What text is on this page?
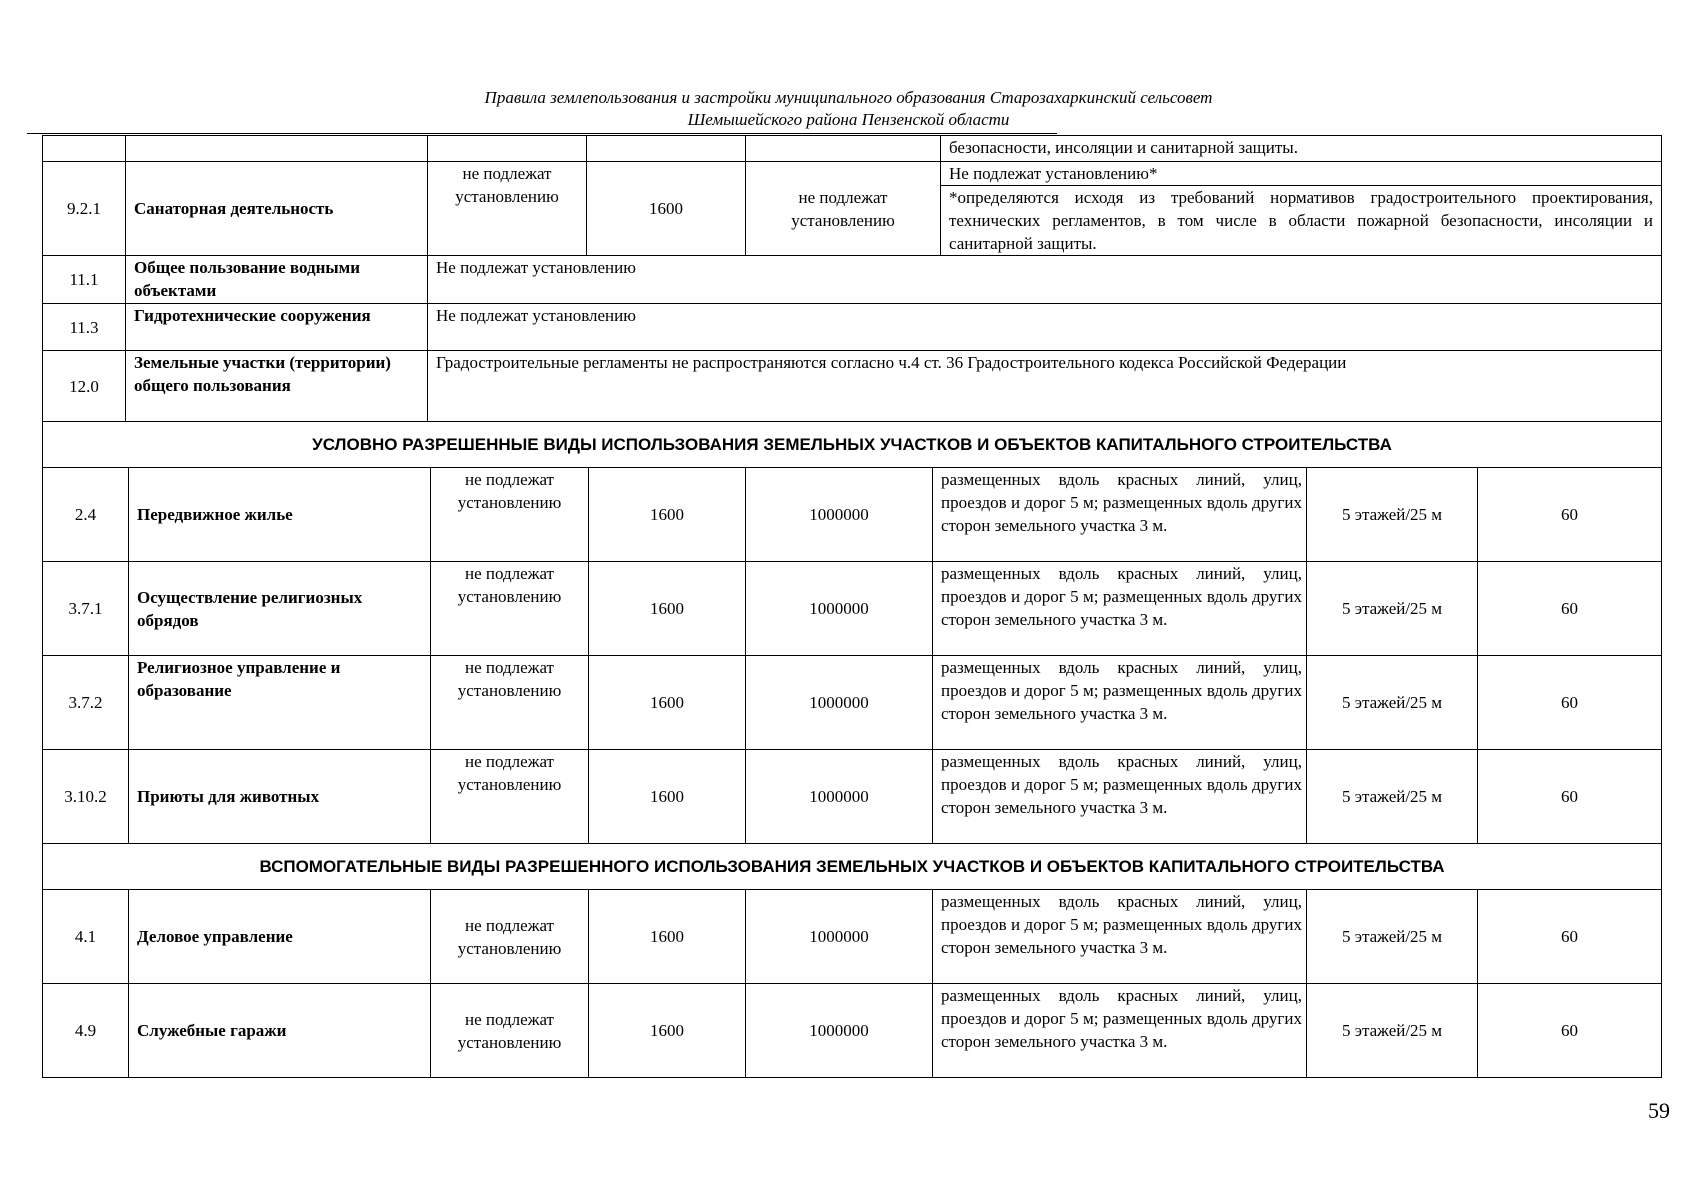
Правила землепользования и застройки муниципального образования Старозахаркинский сельсовет
Шемышейского района Пензенской области
					безопасности, инсоляции и санитарной защиты.
9.2.1	Санаторная деятельность	не подлежат установлению	1600	не подлежат установлению	Не подлежат установлению*
*определяются исходя из требований нормативов градостроительного проектирования, технических регламентов, в том числе в области пожарной безопасности, инсоляции и санитарной защиты.

11.1	Общее пользование водными объектами	Не подлежат установлению			
11.3	Гидротехнические сооружения	Не подлежат установлению			
12.0	Земельные участки (территории) общего пользования	Градостроительные регламенты не распространяются согласно ч.4 ст. 36 Градостроительного кодекса Российской Федерации			
УСЛОВНО РАЗРЕШЕННЫЕ ВИДЫ ИСПОЛЬЗОВАНИЯ ЗЕМЕЛЬНЫХ УЧАСТКОВ И ОБЪЕКТОВ КАПИТАЛЬНОГО СТРОИТЕЛЬСТВА							
2.4	Передвижное жилье	не подлежат установлению	1600	1000000	размещенных вдоль красных линий, улиц, проездов и дорог 5 м; размещенных вдоль других сторон земельного участка 3 м.	5 этажей/25 м	60
3.7.1	Осуществление религиозных обрядов	не подлежат установлению	1600	1000000	размещенных вдоль красных линий, улиц, проездов и дорог 5 м; размещенных вдоль других сторон земельного участка 3 м.	5 этажей/25 м	60
3.7.2	Религиозное управление и образование	не подлежат установлению	1600	1000000	размещенных вдоль красных линий, улиц, проездов и дорог 5 м; размещенных вдоль других сторон земельного участка 3 м.	5 этажей/25 м	60
3.10.2	Приюты для животных	не подлежат установлению	1600	1000000	размещенных вдоль красных линий, улиц, проездов и дорог 5 м; размещенных вдоль других сторон земельного участка 3 м.	5 этажей/25 м	60
ВСПОМОГАТЕЛЬНЫЕ ВИДЫ РАЗРЕШЕННОГО ИСПОЛЬЗОВАНИЯ ЗЕМЕЛЬНЫХ УЧАСТКОВ И ОБЪЕКТОВ КАПИТАЛЬНОГО СТРОИТЕЛЬСТВА							
4.1	Деловое управление	не подлежат установлению	1600	1000000	размещенных вдоль красных линий, улиц, проездов и дорог 5 м; размещенных вдоль других сторон земельного участка 3 м.	5 этажей/25 м	60
4.9	Служебные гаражи	не подлежат установлению	1600	1000000	размещенных вдоль красных линий, улиц, проездов и дорог 5 м; размещенных вдоль других сторон земельного участка 3 м.	5 этажей/25 м	60
59
